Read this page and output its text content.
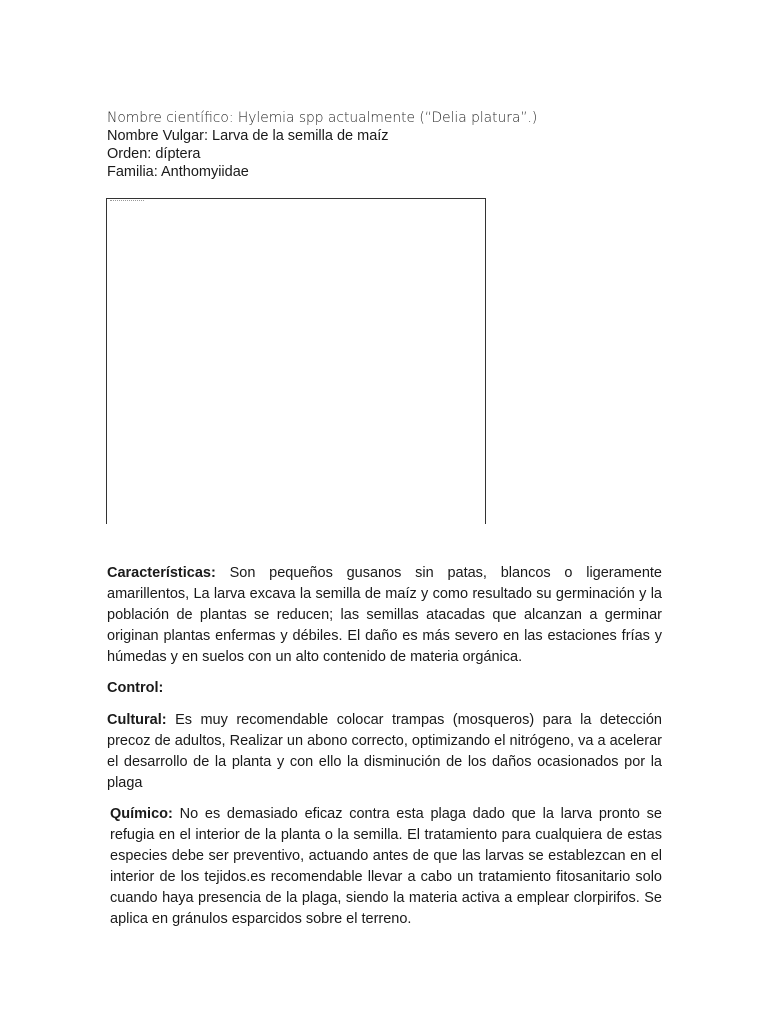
Nombre científico: Hylemia spp actualmente (“Delia platura”.)
Nombre Vulgar: Larva de la semilla de maíz
Orden: díptera
Familia: Anthomyiidae

Características: Son pequeños gusanos sin patas, blancos o ligeramente amarillentos, La larva excava la semilla de maíz y como resultado su germinación y la población de plantas se reducen; las semillas atacadas que alcanzan a germinar originan plantas enfermas y débiles. El daño es más severo en las estaciones frías y húmedas y en suelos con un alto contenido de materia orgánica.

Control:

Cultural: Es muy recomendable colocar trampas (mosqueros) para la detección precoz de adultos, Realizar un abono correcto, optimizando el nitrógeno, va a acelerar el desarrollo de la planta y con ello la disminución de los daños ocasionados por la plaga

Químico: No es demasiado eficaz contra esta plaga dado que la larva pronto se refugia en el interior de la planta o la semilla. El tratamiento para cualquiera de estas especies debe ser preventivo, actuando antes de que las larvas se establezcan en el interior de los tejidos.es recomendable llevar a cabo un tratamiento fitosanitario solo cuando haya presencia de la plaga, siendo la materia activa a emplear clorpirifos. Se aplica en gránulos esparcidos sobre el terreno.
